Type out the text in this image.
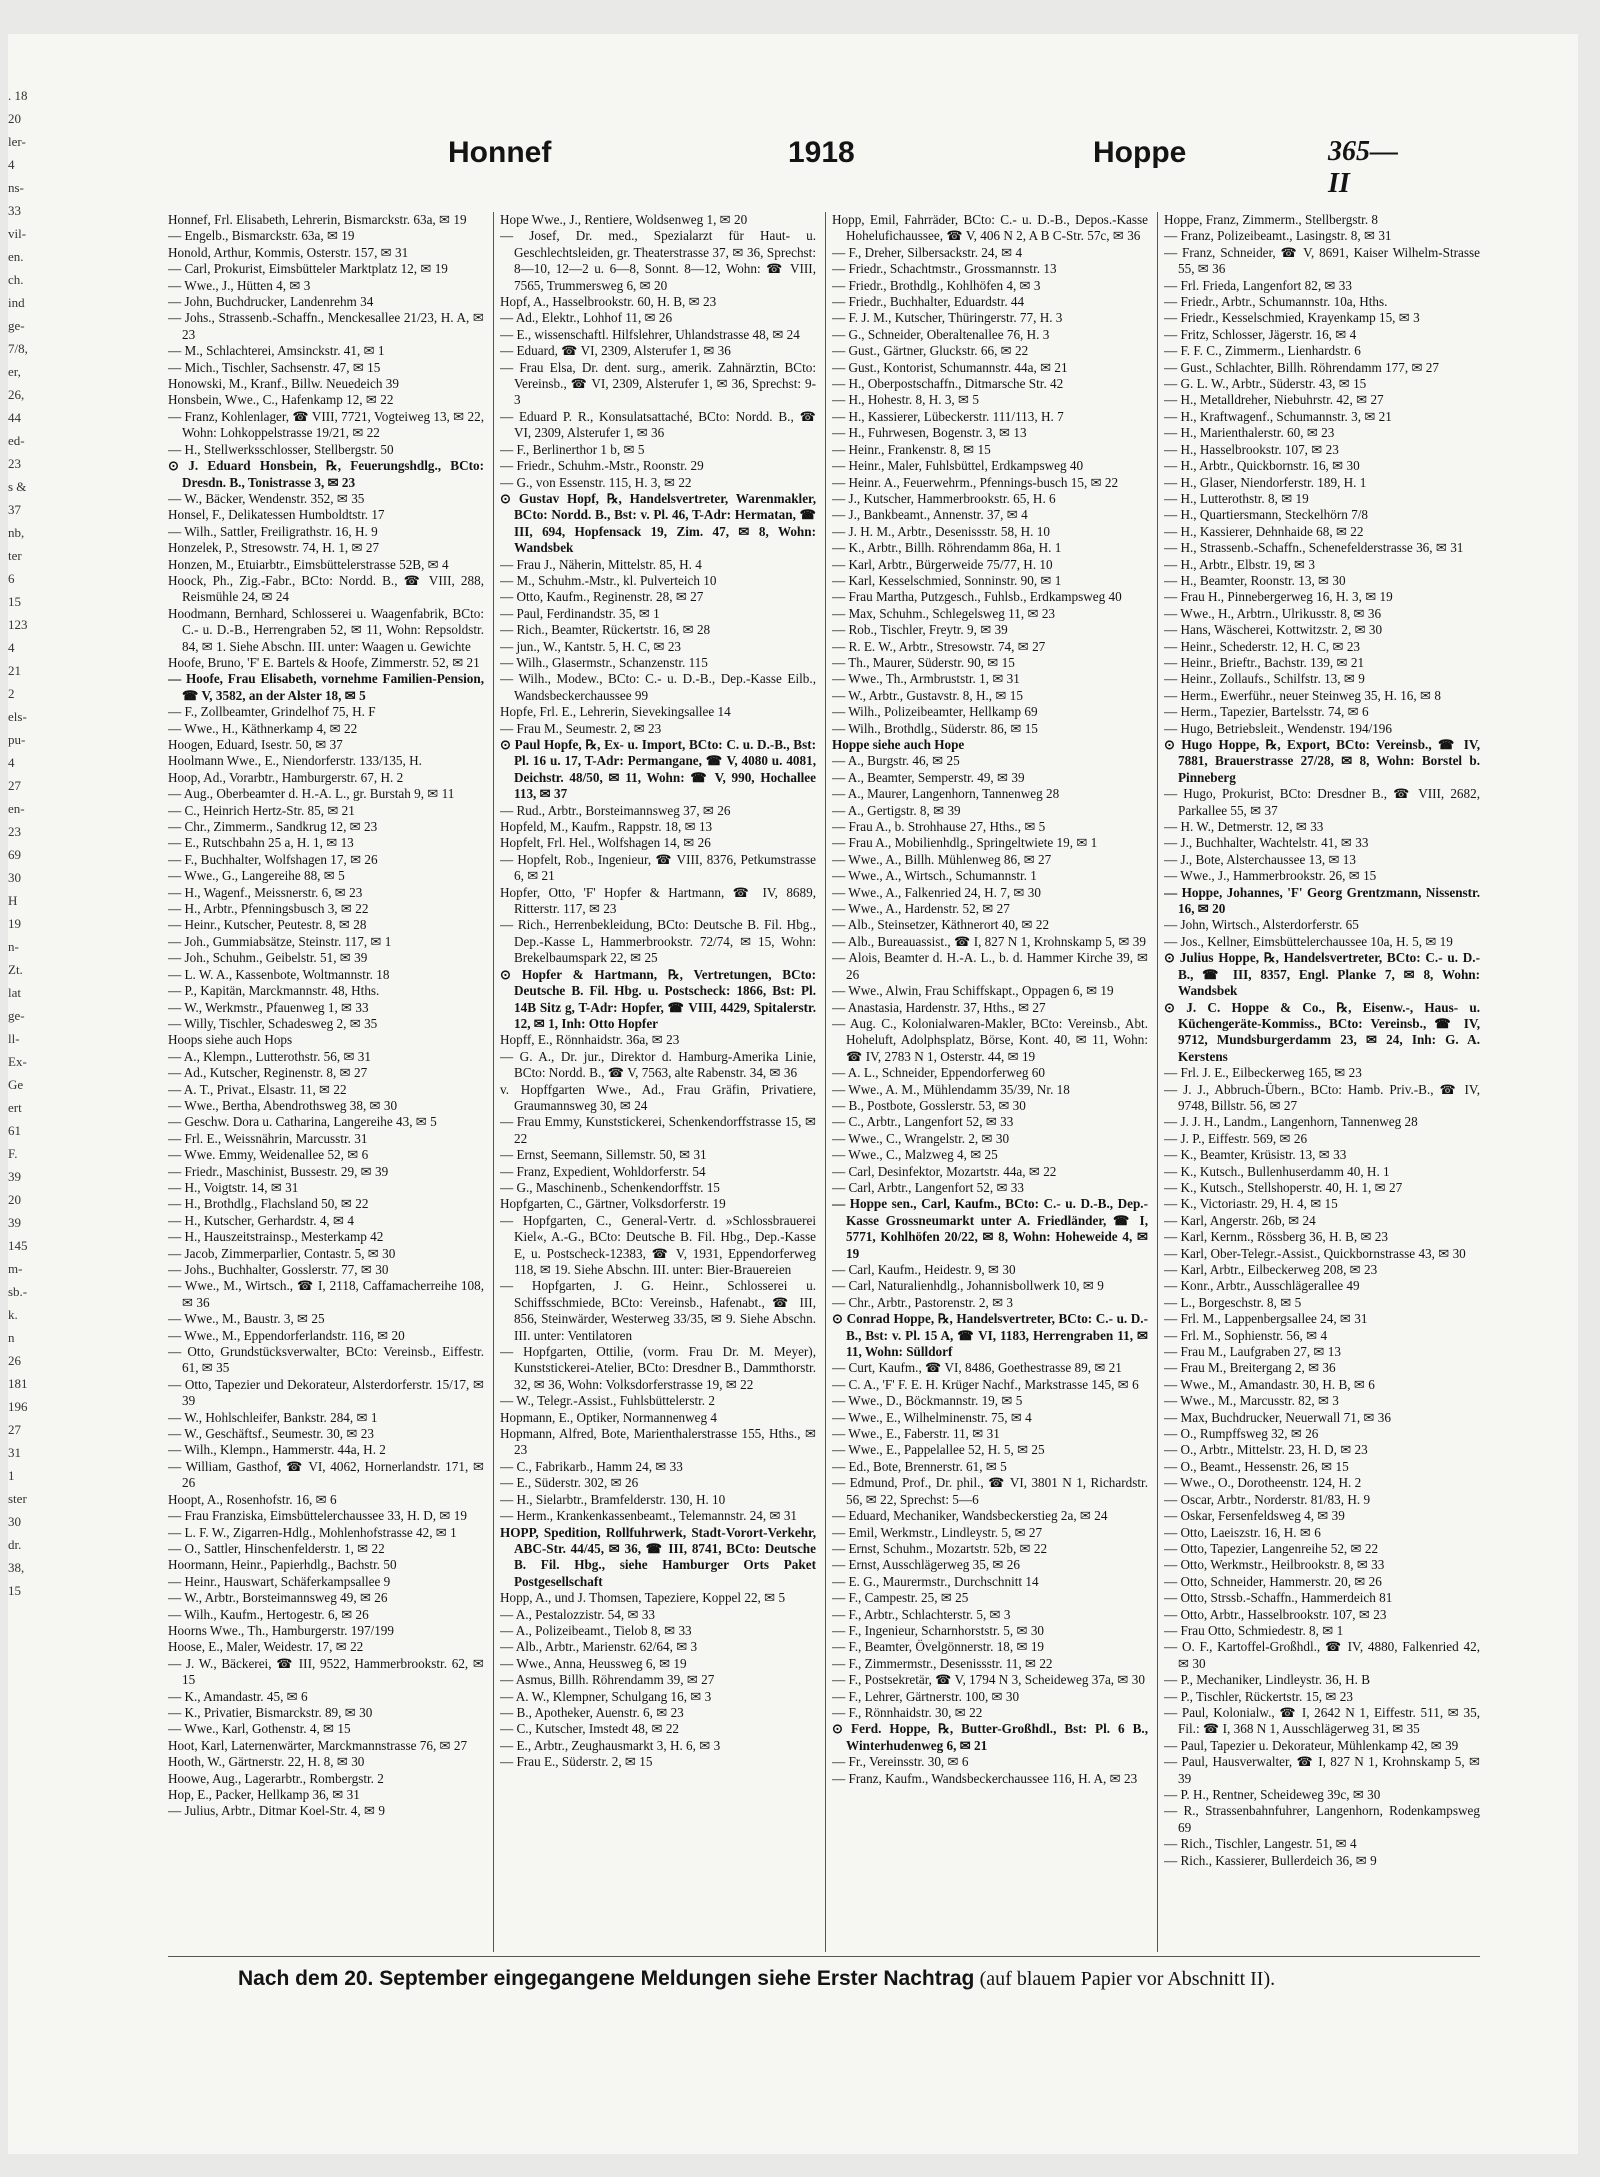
. 18
20
ler-
4
ns-
33
vil-
en.
ch.
ind
ge-
7/8,
er,
26,
44
ed-
23
s &
37
nb,
ter
6
15
123
4
21
2
els-
pu-
4
27
en-
23
69
30
H
19
n-
Zt.
lat
ge-
ll-
Ex-
Ge
ert
61
F.
39
20
39
145
m-
sb.-
k.
n
26
181
196
27
31
1
ster
30
dr.
38,
15
Honnef	1918	Hoppe	365—II

Honnef, Frl. Elisabeth, Lehrerin, Bismarckstr. 63a, ✉ 19

— Engelb., Bismarckstr. 63a, ✉ 19

Honold, Arthur, Kommis, Osterstr. 157, ✉ 31

— Carl, Prokurist, Eimsbütteler Marktplatz 12, ✉ 19

— Wwe., J., Hütten 4, ✉ 3

— John, Buchdrucker, Landenrehm 34

— Johs., Strassenb.-Schaffn., Menckesallee 21/23, H. A, ✉ 23

— M., Schlachterei, Amsinckstr. 41, ✉ 1

— Mich., Tischler, Sachsenstr. 47, ✉ 15

Honowski, M., Kranf., Billw. Neuedeich 39

Honsbein, Wwe., C., Hafenkamp 12, ✉ 22

— Franz, Kohlenlager, ☎ VIII, 7721, Vogteiweg 13, ✉ 22, Wohn: Lohkoppelstrasse 19/21, ✉ 22

— H., Stellwerksschlosser, Stellbergstr. 50

⊙ J. Eduard Honsbein, ℞, Feuerungshdlg., BCto: Dresdn. B., Tonistrasse 3, ✉ 23

— W., Bäcker, Wendenstr. 352, ✉ 35

Honsel, F., Delikatessen Humboldtstr. 17

— Wilh., Sattler, Freiligrathstr. 16, H. 9

Honzelek, P., Stresowstr. 74, H. 1, ✉ 27

Honzen, M., Etuiarbtr., Eimsbüttelerstrasse 52B, ✉ 4

Hoock, Ph., Zig.-Fabr., BCto: Nordd. B., ☎ VIII, 288, Reismühle 24, ✉ 24

Hoodmann, Bernhard, Schlosserei u. Waagenfabrik, BCto: C.- u. D.-B., Herrengraben 52, ✉ 11, Wohn: Repsoldstr. 84, ✉ 1. Siehe Abschn. III. unter: Waagen u. Gewichte

Hoofe, Bruno, 'F' E. Bartels & Hoofe, Zimmerstr. 52, ✉ 21

— Hoofe, Frau Elisabeth, vornehme Familien-Pension, ☎ V, 3582, an der Alster 18, ✉ 5

— F., Zollbeamter, Grindelhof 75, H. F

— Wwe., H., Käthnerkamp 4, ✉ 22

Hoogen, Eduard, Isestr. 50, ✉ 37

Hoolmann Wwe., E., Niendorferstr. 133/135, H.

Hoop, Ad., Vorarbtr., Hamburgerstr. 67, H. 2

— Aug., Oberbeamter d. H.-A. L., gr. Burstah 9, ✉ 11

— C., Heinrich Hertz-Str. 85, ✉ 21

— Chr., Zimmerm., Sandkrug 12, ✉ 23

— E., Rutschbahn 25 a, H. 1, ✉ 13

— F., Buchhalter, Wolfshagen 17, ✉ 26

— Wwe., G., Langereihe 88, ✉ 5

— H., Wagenf., Meissnerstr. 6, ✉ 23

— H., Arbtr., Pfenningsbusch 3, ✉ 22

— Heinr., Kutscher, Peutestr. 8, ✉ 28

— Joh., Gummiabsätze, Steinstr. 117, ✉ 1

— Joh., Schuhm., Geibelstr. 51, ✉ 39

— L. W. A., Kassenbote, Woltmannstr. 18

— P., Kapitän, Marckmannstr. 48, Hths.

— W., Werkmstr., Pfauenweg 1, ✉ 33

— Willy, Tischler, Schadesweg 2, ✉ 35

Hoops siehe auch Hops

— A., Klempn., Lutterothstr. 56, ✉ 31

— Ad., Kutscher, Reginenstr. 8, ✉ 27

— A. T., Privat., Elsastr. 11, ✉ 22

— Wwe., Bertha, Abendrothsweg 38, ✉ 30

— Geschw. Dora u. Catharina, Langereihe 43, ✉ 5

— Frl. E., Weissnährin, Marcusstr. 31

— Wwe. Emmy, Weidenallee 52, ✉ 6

— Friedr., Maschinist, Bussestr. 29, ✉ 39

— H., Voigtstr. 14, ✉ 31

— H., Brothdlg., Flachsland 50, ✉ 22

— H., Kutscher, Gerhardstr. 4, ✉ 4

— H., Hauszeitstrainsp., Mesterkamp 42

— Jacob, Zimmerparlier, Contastr. 5, ✉ 30

— Johs., Buchhalter, Gosslerstr. 77, ✉ 30

— Wwe., M., Wirtsch., ☎ I, 2118, Caffamacherreihe 108, ✉ 36

— Wwe., M., Baustr. 3, ✉ 25

— Wwe., M., Eppendorferlandstr. 116, ✉ 20

— Otto, Grundstücksverwalter, BCto: Vereinsb., Eiffestr. 61, ✉ 35

— Otto, Tapezier und Dekorateur, Alsterdorferstr. 15/17, ✉ 39

— W., Hohlschleifer, Bankstr. 284, ✉ 1

— W., Geschäftsf., Seumestr. 30, ✉ 23

— Wilh., Klempn., Hammerstr. 44a, H. 2

— William, Gasthof, ☎ VI, 4062, Hornerlandstr. 171, ✉ 26

Hoopt, A., Rosenhofstr. 16, ✉ 6

— Frau Franziska, Eimsbüttelerchaussee 33, H. D, ✉ 19

— L. F. W., Zigarren-Hdlg., Mohlenhofstrasse 42, ✉ 1

— O., Sattler, Hinschenfelderstr. 1, ✉ 22

Hoormann, Heinr., Papierhdlg., Bachstr. 50

— Heinr., Hauswart, Schäferkampsallee 9

— W., Arbtr., Borsteimannsweg 49, ✉ 26

— Wilh., Kaufm., Hertogestr. 6, ✉ 26

Hoorns Wwe., Th., Hamburgerstr. 197/199

Hoose, E., Maler, Weidestr. 17, ✉ 22

— J. W., Bäckerei, ☎ III, 9522, Hammerbrookstr. 62, ✉ 15

— K., Amandastr. 45, ✉ 6

— K., Privatier, Bismarckstr. 89, ✉ 30

— Wwe., Karl, Gothenstr. 4, ✉ 15

Hoot, Karl, Laternenwärter, Marckmannstrasse 76, ✉ 27

Hooth, W., Gärtnerstr. 22, H. 8, ✉ 30

Hoowe, Aug., Lagerarbtr., Rombergstr. 2

Hop, E., Packer, Hellkamp 36, ✉ 31

— Julius, Arbtr., Ditmar Koel-Str. 4, ✉ 9

Hope Wwe., J., Rentiere, Woldsenweg 1, ✉ 20

— Josef, Dr. med., Spezialarzt für Haut- u. Geschlechtsleiden, gr. Theaterstrasse 37, ✉ 36, Sprechst: 8—10, 12—2 u. 6—8, Sonnt. 8—12, Wohn: ☎ VIII, 7565, Trummersweg 6, ✉ 20

Hopf, A., Hasselbrookstr. 60, H. B, ✉ 23

— Ad., Elektr., Lohhof 11, ✉ 26

— E., wissenschaftl. Hilfslehrer, Uhlandstrasse 48, ✉ 24

— Eduard, ☎ VI, 2309, Alsterufer 1, ✉ 36

— Frau Elsa, Dr. dent. surg., amerik. Zahnärztin, BCto: Vereinsb., ☎ VI, 2309, Alsterufer 1, ✉ 36, Sprechst: 9-3

— Eduard P. R., Konsulatsattaché, BCto: Nordd. B., ☎ VI, 2309, Alsterufer 1, ✉ 36

— F., Berlinerthor 1 b, ✉ 5

— Friedr., Schuhm.-Mstr., Roonstr. 29

— G., von Essenstr. 115, H. 3, ✉ 22

⊙ Gustav Hopf, ℞, Handelsvertreter, Warenmakler, BCto: Nordd. B., Bst: v. Pl. 46, T-Adr: Hermatan, ☎ III, 694, Hopfensack 19, Zim. 47, ✉ 8, Wohn: Wandsbek

— Frau J., Näherin, Mittelstr. 85, H. 4

— M., Schuhm.-Mstr., kl. Pulverteich 10

— Otto, Kaufm., Reginenstr. 28, ✉ 27

— Paul, Ferdinandstr. 35, ✉ 1

— Rich., Beamter, Rückertstr. 16, ✉ 28

— jun., W., Kantstr. 5, H. C, ✉ 23

— Wilh., Glasermstr., Schanzenstr. 115

— Wilh., Modew., BCto: C.- u. D.-B., Dep.-Kasse Eilb., Wandsbeckerchaussee 99

Hopfe, Frl. E., Lehrerin, Sievekingsallee 14

— Frau M., Seumestr. 2, ✉ 23

⊙ Paul Hopfe, ℞, Ex- u. Import, BCto: C. u. D.-B., Bst: Pl. 16 u. 17, T-Adr: Permangane, ☎ V, 4080 u. 4081, Deichstr. 48/50, ✉ 11, Wohn: ☎ V, 990, Hochallee 113, ✉ 37

— Rud., Arbtr., Borsteimannsweg 37, ✉ 26

Hopfeld, M., Kaufm., Rappstr. 18, ✉ 13

Hopfelt, Frl. Hel., Wolfshagen 14, ✉ 26

— Hopfelt, Rob., Ingenieur, ☎ VIII, 8376, Petkumstrasse 6, ✉ 21

Hopfer, Otto, 'F' Hopfer & Hartmann, ☎ IV, 8689, Ritterstr. 117, ✉ 23

— Rich., Herrenbekleidung, BCto: Deutsche B. Fil. Hbg., Dep.-Kasse L, Hammerbrookstr. 72/74, ✉ 15, Wohn: Brekelbaumspark 22, ✉ 25

⊙ Hopfer & Hartmann, ℞, Vertretungen, BCto: Deutsche B. Fil. Hbg. u. Postscheck: 1866, Bst: Pl. 14B Sitz g, T-Adr: Hopfer, ☎ VIII, 4429, Spitalerstr. 12, ✉ 1, Inh: Otto Hopfer

Hopff, E., Rönnhaidstr. 36a, ✉ 23

— G. A., Dr. jur., Direktor d. Hamburg-Amerika Linie, BCto: Nordd. B., ☎ V, 7563, alte Rabenstr. 34, ✉ 36

v. Hopffgarten Wwe., Ad., Frau Gräfin, Privatiere, Graumannsweg 30, ✉ 24

— Frau Emmy, Kunststickerei, Schenkendorffstrasse 15, ✉ 22

— Ernst, Seemann, Sillemstr. 50, ✉ 31

— Franz, Expedient, Wohldorferstr. 54

— G., Maschinenb., Schenkendorffstr. 15

Hopfgarten, C., Gärtner, Volksdorferstr. 19

— Hopfgarten, C., General-Vertr. d. »Schlossbrauerei Kiel«, A.-G., BCto: Deutsche B. Fil. Hbg., Dep.-Kasse E, u. Postscheck-12383, ☎ V, 1931, Eppendorferweg 118, ✉ 19. Siehe Abschn. III. unter: Bier-Brauereien

— Hopfgarten, J. G. Heinr., Schlosserei u. Schiffsschmiede, BCto: Vereinsb., Hafenabt., ☎ III, 856, Steinwärder, Westerweg 33/35, ✉ 9. Siehe Abschn. III. unter: Ventilatoren

— Hopfgarten, Ottilie, (vorm. Frau Dr. M. Meyer), Kunststickerei-Atelier, BCto: Dresdner B., Dammthorstr. 32, ✉ 36, Wohn: Volksdorferstrasse 19, ✉ 22

— W., Telegr.-Assist., Fuhlsbüttelerstr. 2

Hopmann, E., Optiker, Normannenweg 4

Hopmann, Alfred, Bote, Marienthalerstrasse 155, Hths., ✉ 23

— C., Fabrikarb., Hamm 24, ✉ 33

— E., Süderstr. 302, ✉ 26

— H., Sielarbtr., Bramfelderstr. 130, H. 10

— Herm., Krankenkassenbeamt., Telemannstr. 24, ✉ 31

HOPP, Spedition, Rollfuhrwerk, Stadt-Vorort-Verkehr, ABC-Str. 44/45, ✉ 36, ☎ III, 8741, BCto: Deutsche B. Fil. Hbg., siehe Hamburger Orts Paket Postgesellschaft

Hopp, A., und J. Thomsen, Tapeziere, Koppel 22, ✉ 5

— A., Pestalozzistr. 54, ✉ 33

— A., Polizeibeamt., Tielob 8, ✉ 33

— Alb., Arbtr., Marienstr. 62/64, ✉ 3

— Wwe., Anna, Heussweg 6, ✉ 19

— Asmus, Billh. Röhrendamm 39, ✉ 27

— A. W., Klempner, Schulgang 16, ✉ 3

— B., Apotheker, Auenstr. 6, ✉ 23

— C., Kutscher, Imstedt 48, ✉ 22

— E., Arbtr., Zeughausmarkt 3, H. 6, ✉ 3

— Frau E., Süderstr. 2, ✉ 15

Hopp, Emil, Fahrräder, BCto: C.- u. D.-B., Depos.-Kasse Hohelufichaussee, ☎ V, 406 N 2, A B C-Str. 57c, ✉ 36

— F., Dreher, Silbersackstr. 24, ✉ 4

— Friedr., Schachtmstr., Grossmannstr. 13

— Friedr., Brothdlg., Kohlhöfen 4, ✉ 3

— Friedr., Buchhalter, Eduardstr. 44

— F. J. M., Kutscher, Thüringerstr. 77, H. 3

— G., Schneider, Oberaltenallee 76, H. 3

— Gust., Gärtner, Gluckstr. 66, ✉ 22

— Gust., Kontorist, Schumannstr. 44a, ✉ 21

— H., Oberpostschaffn., Ditmarsche Str. 42

— H., Hohestr. 8, H. 3, ✉ 5

— H., Kassierer, Lübeckerstr. 111/113, H. 7

— H., Fuhrwesen, Bogenstr. 3, ✉ 13

— Heinr., Frankenstr. 8, ✉ 15

— Heinr., Maler, Fuhlsbüttel, Erdkampsweg 40

— Heinr. A., Feuerwehrm., Pfennings-busch 15, ✉ 22

— J., Kutscher, Hammerbrookstr. 65, H. 6

— J., Bankbeamt., Annenstr. 37, ✉ 4

— J. H. M., Arbtr., Desenissstr. 58, H. 10

— K., Arbtr., Billh. Röhrendamm 86a, H. 1

— Karl, Arbtr., Bürgerweide 75/77, H. 10

— Karl, Kesselschmied, Sonninstr. 90, ✉ 1

— Frau Martha, Putzgesch., Fuhlsb., Erdkampsweg 40

— Max, Schuhm., Schlegelsweg 11, ✉ 23

— Rob., Tischler, Freytr. 9, ✉ 39

— R. E. W., Arbtr., Stresowstr. 74, ✉ 27

— Th., Maurer, Süderstr. 90, ✉ 15

— Wwe., Th., Armbruststr. 1, ✉ 31

— W., Arbtr., Gustavstr. 8, H., ✉ 15

— Wilh., Polizeibeamter, Hellkamp 69

— Wilh., Brothdlg., Süderstr. 86, ✉ 15

Hoppe siehe auch Hope

— A., Burgstr. 46, ✉ 25

— A., Beamter, Semperstr. 49, ✉ 39

— A., Maurer, Langenhorn, Tannenweg 28

— A., Gertigstr. 8, ✉ 39

— Frau A., b. Strohhause 27, Hths., ✉ 5

— Frau A., Mobilienhdlg., Springeltwiete 19, ✉ 1

— Wwe., A., Billh. Mühlenweg 86, ✉ 27

— Wwe., A., Wirtsch., Schumannstr. 1

— Wwe., A., Falkenried 24, H. 7, ✉ 30

— Wwe., A., Hardenstr. 52, ✉ 27

— Alb., Steinsetzer, Käthnerort 40, ✉ 22

— Alb., Bureauassist., ☎ I, 827 N 1, Krohnskamp 5, ✉ 39

— Alois, Beamter d. H.-A. L., b. d. Hammer Kirche 39, ✉ 26

— Wwe., Alwin, Frau Schiffskapt., Oppagen 6, ✉ 19

— Anastasia, Hardenstr. 37, Hths., ✉ 27

— Aug. C., Kolonialwaren-Makler, BCto: Vereinsb., Abt. Hoheluft, Adolphsplatz, Börse, Kont. 40, ✉ 11, Wohn: ☎ IV, 2783 N 1, Osterstr. 44, ✉ 19

— A. L., Schneider, Eppendorferweg 60

— Wwe., A. M., Mühlendamm 35/39, Nr. 18

— B., Postbote, Gosslerstr. 53, ✉ 30

— C., Arbtr., Langenfort 52, ✉ 33

— Wwe., C., Wrangelstr. 2, ✉ 30

— Wwe., C., Malzweg 4, ✉ 25

— Carl, Desinfektor, Mozartstr. 44a, ✉ 22

— Carl, Arbtr., Langenfort 52, ✉ 33

— Hoppe sen., Carl, Kaufm., BCto: C.- u. D.-B., Dep.-Kasse Grossneumarkt unter A. Friedländer, ☎ I, 5771, Kohlhöfen 20/22, ✉ 8, Wohn: Hoheweide 4, ✉ 19

— Carl, Kaufm., Heidestr. 9, ✉ 30

— Carl, Naturalienhdlg., Johannisbollwerk 10, ✉ 9

— Chr., Arbtr., Pastorenstr. 2, ✉ 3

⊙ Conrad Hoppe, ℞, Handelsvertreter, BCto: C.- u. D.-B., Bst: v. Pl. 15 A, ☎ VI, 1183, Herrengraben 11, ✉ 11, Wohn: Sülldorf

— Curt, Kaufm., ☎ VI, 8486, Goethestrasse 89, ✉ 21

— C. A., 'F' F. E. H. Krüger Nachf., Markstrasse 145, ✉ 6

— Wwe., D., Böckmannstr. 19, ✉ 5

— Wwe., E., Wilhelminenstr. 75, ✉ 4

— Wwe., E., Faberstr. 11, ✉ 31

— Wwe., E., Pappelallee 52, H. 5, ✉ 25

— Ed., Bote, Brennerstr. 61, ✉ 5

— Edmund, Prof., Dr. phil., ☎ VI, 3801 N 1, Richardstr. 56, ✉ 22, Sprechst: 5—6

— Eduard, Mechaniker, Wandsbeckerstieg 2a, ✉ 24

— Emil, Werkmstr., Lindleystr. 5, ✉ 27

— Ernst, Schuhm., Mozartstr. 52b, ✉ 22

— Ernst, Ausschlägerweg 35, ✉ 26

— E. G., Maurermstr., Durchschnitt 14

— F., Campestr. 25, ✉ 25

— F., Arbtr., Schlachterstr. 5, ✉ 3

— F., Ingenieur, Scharnhorststr. 5, ✉ 30

— F., Beamter, Övelgönnerstr. 18, ✉ 19

— F., Zimmermstr., Desenissstr. 11, ✉ 22

— F., Postsekretär, ☎ V, 1794 N 3, Scheideweg 37a, ✉ 30

— F., Lehrer, Gärtnerstr. 100, ✉ 30

— F., Rönnhaidstr. 30, ✉ 22

⊙ Ferd. Hoppe, ℞, Butter-Großhdl., Bst: Pl. 6 B., Winterhudenweg 6, ✉ 21

— Fr., Vereinsstr. 30, ✉ 6

— Franz, Kaufm., Wandsbeckerchaussee 116, H. A, ✉ 23

Hoppe, Franz, Zimmerm., Stellbergstr. 8

— Franz, Polizeibeamt., Lasingstr. 8, ✉ 31

— Franz, Schneider, ☎ V, 8691, Kaiser Wilhelm-Strasse 55, ✉ 36

— Frl. Frieda, Langenfort 82, ✉ 33

— Friedr., Arbtr., Schumannstr. 10a, Hths.

— Friedr., Kesselschmied, Krayenkamp 15, ✉ 3

— Fritz, Schlosser, Jägerstr. 16, ✉ 4

— F. F. C., Zimmerm., Lienhardstr. 6

— Gust., Schlachter, Billh. Röhrendamm 177, ✉ 27

— G. L. W., Arbtr., Süderstr. 43, ✉ 15

— H., Metalldreher, Niebuhrstr. 42, ✉ 27

— H., Kraftwagenf., Schumannstr. 3, ✉ 21

— H., Marienthalerstr. 60, ✉ 23

— H., Hasselbrookstr. 107, ✉ 23

— H., Arbtr., Quickbornstr. 16, ✉ 30

— H., Glaser, Niendorferstr. 189, H. 1

— H., Lutterothstr. 8, ✉ 19

— H., Quartiersmann, Steckelhörn 7/8

— H., Kassierer, Dehnhaide 68, ✉ 22

— H., Strassenb.-Schaffn., Schenefelderstrasse 36, ✉ 31

— H., Arbtr., Elbstr. 19, ✉ 3

— H., Beamter, Roonstr. 13, ✉ 30

— Frau H., Pinnebergerweg 16, H. 3, ✉ 19

— Wwe., H., Arbtrn., Ulrikusstr. 8, ✉ 36

— Hans, Wäscherei, Kottwitzstr. 2, ✉ 30

— Heinr., Schederstr. 12, H. C, ✉ 23

— Heinr., Brieftr., Bachstr. 139, ✉ 21

— Heinr., Zollaufs., Schilfstr. 13, ✉ 9

— Herm., Ewerführ., neuer Steinweg 35, H. 16, ✉ 8

— Herm., Tapezier, Bartelsstr. 74, ✉ 6

— Hugo, Betriebsleit., Wendenstr. 194/196

⊙ Hugo Hoppe, ℞, Export, BCto: Vereinsb., ☎ IV, 7881, Brauerstrasse 27/28, ✉ 8, Wohn: Borstel b. Pinneberg

— Hugo, Prokurist, BCto: Dresdner B., ☎ VIII, 2682, Parkallee 55, ✉ 37

— H. W., Detmerstr. 12, ✉ 33

— J., Buchhalter, Wachtelstr. 41, ✉ 33

— J., Bote, Alsterchaussee 13, ✉ 13

— Wwe., J., Hammerbrookstr. 26, ✉ 15

— Hoppe, Johannes, 'F' Georg Grentzmann, Nissenstr. 16, ✉ 20

— John, Wirtsch., Alsterdorferstr. 65

— Jos., Kellner, Eimsbüttelerchaussee 10a, H. 5, ✉ 19

⊙ Julius Hoppe, ℞, Handelsvertreter, BCto: C.- u. D.-B., ☎ III, 8357, Engl. Planke 7, ✉ 8, Wohn: Wandsbek

⊙ J. C. Hoppe & Co., ℞, Eisenw.-, Haus- u. Küchengeräte-Kommiss., BCto: Vereinsb., ☎ IV, 9712, Mundsburgerdamm 23, ✉ 24, Inh: G. A. Kerstens

— Frl. J. E., Eilbeckerweg 165, ✉ 23

— J. J., Abbruch-Übern., BCto: Hamb. Priv.-B., ☎ IV, 9748, Billstr. 56, ✉ 27

— J. J. H., Landm., Langenhorn, Tannenweg 28

— J. P., Eiffestr. 569, ✉ 26

— K., Beamter, Krüsistr. 13, ✉ 33

— K., Kutsch., Bullenhuserdamm 40, H. 1

— K., Kutsch., Stellshoperstr. 40, H. 1, ✉ 27

— K., Victoriastr. 29, H. 4, ✉ 15

— Karl, Angerstr. 26b, ✉ 24

— Karl, Kernm., Rössberg 36, H. B, ✉ 23

— Karl, Ober-Telegr.-Assist., Quickbornstrasse 43, ✉ 30

— Karl, Arbtr., Eilbeckerweg 208, ✉ 23

— Konr., Arbtr., Ausschlägerallee 49

— L., Borgeschstr. 8, ✉ 5

— Frl. M., Lappenbergsallee 24, ✉ 31

— Frl. M., Sophienstr. 56, ✉ 4

— Frau M., Laufgraben 27, ✉ 13

— Frau M., Breitergang 2, ✉ 36

— Wwe., M., Amandastr. 30, H. B, ✉ 6

— Wwe., M., Marcusstr. 82, ✉ 3

— Max, Buchdrucker, Neuerwall 71, ✉ 36

— O., Rumpffsweg 32, ✉ 26

— O., Arbtr., Mittelstr. 23, H. D, ✉ 23

— O., Beamt., Hessenstr. 26, ✉ 15

— Wwe., O., Dorotheenstr. 124, H. 2

— Oscar, Arbtr., Norderstr. 81/83, H. 9

— Oskar, Fersenfeldsweg 4, ✉ 39

— Otto, Laeiszstr. 16, H. ✉ 6

— Otto, Tapezier, Langenreihe 52, ✉ 22

— Otto, Werkmstr., Heilbrookstr. 8, ✉ 33

— Otto, Schneider, Hammerstr. 20, ✉ 26

— Otto, Strssb.-Schaffn., Hammerdeich 81

— Otto, Arbtr., Hasselbrookstr. 107, ✉ 23

— Frau Otto, Schmiedestr. 8, ✉ 1

— O. F., Kartoffel-Großhdl., ☎ IV, 4880, Falkenried 42, ✉ 30

— P., Mechaniker, Lindleystr. 36, H. B

— P., Tischler, Rückertstr. 15, ✉ 23

— Paul, Kolonialw., ☎ I, 2642 N 1, Eiffestr. 511, ✉ 35, Fil.: ☎ I, 368 N 1, Ausschlägerweg 31, ✉ 35

— Paul, Tapezier u. Dekorateur, Mühlenkamp 42, ✉ 39

— Paul, Hausverwalter, ☎ I, 827 N 1, Krohnskamp 5, ✉ 39

— P. H., Rentner, Scheideweg 39c, ✉ 30

— R., Strassenbahnfuhrer, Langenhorn, Rodenkampsweg 69

— Rich., Tischler, Langestr. 51, ✉ 4

— Rich., Kassierer, Bullerdeich 36, ✉ 9

Nach dem 20. September eingegangene Meldungen siehe Erster Nachtrag (auf blauem Papier vor Abschnitt II).
